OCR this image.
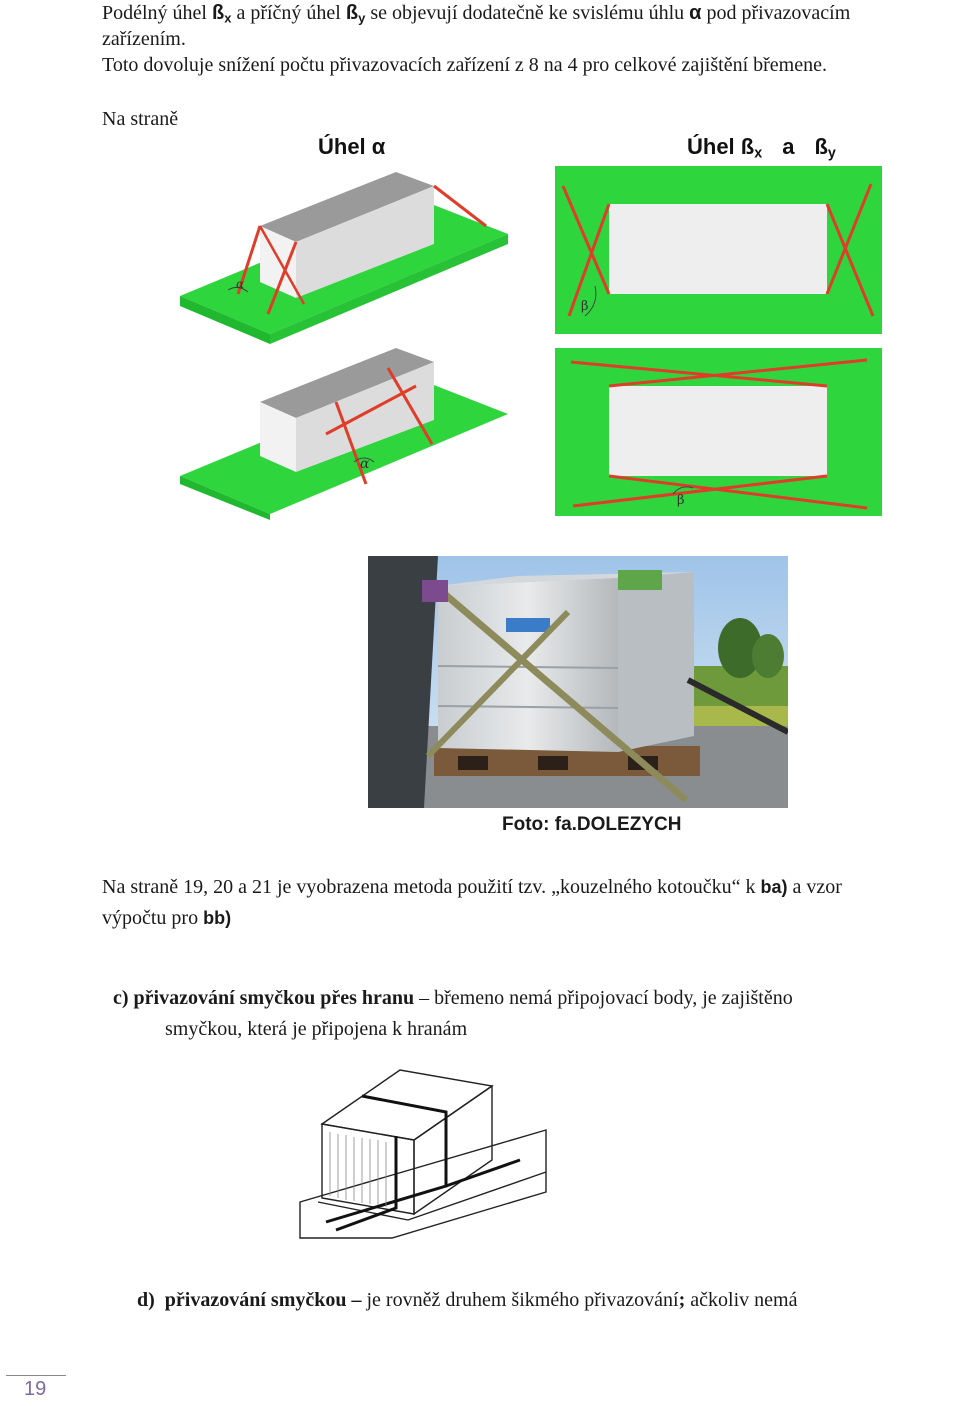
Podélný úhel $ß_x$ a příčný úhel $ß_y$ se objevují dodatečně ke svislému úhlu α pod přivazovacím
zařízením.
Toto dovoluje snížení počtu přivazovacích zařízení z 8 na 4 pro celkové zajištění břemene.
Na straně
Úhel α	Úhel $ß_x$ a $ß_y$
α
α
β
β
Foto: fa.DOLEZYCH
Na straně 19, 20 a 21 je vyobrazena metoda použití tzv. „kouzelného kotoučku“ k ba) a vzor
výpočtu pro bb)
c) přivazování smyčkou přes hranu – břemeno nemá připojovací body, je zajištěno
smyčkou, která je připojena k hranám
d) přivazování smyčkou – je rovněž druhem šikmého přivazování; ačkoliv nemá
19
